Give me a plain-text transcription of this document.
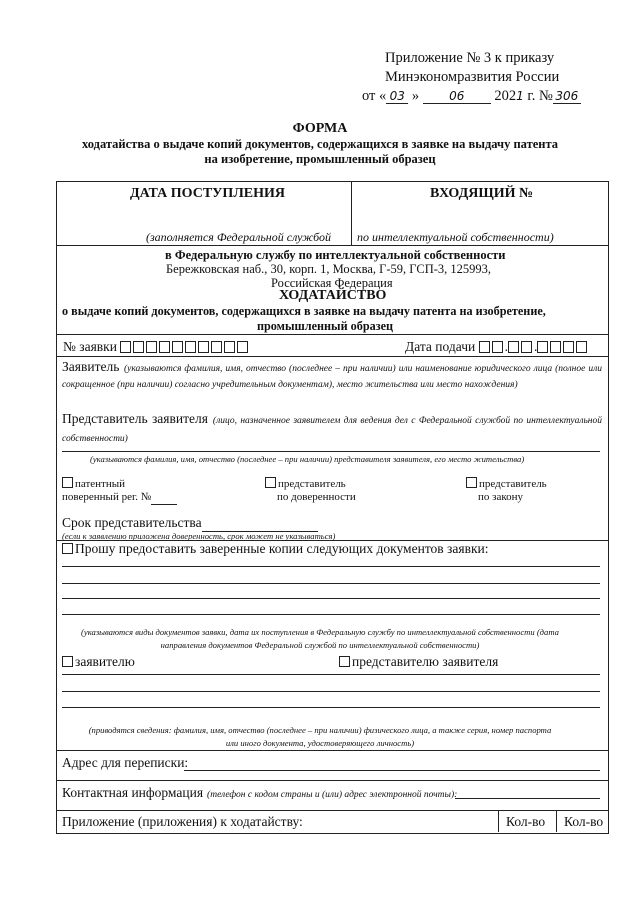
Приложение № 3 к приказу
Минэкономразвития России
от « 03 » 06 2021 г. № 306
ФОРМА
ходатайства о выдаче копий документов, содержащихся в заявке на выдачу патента
на изобретение, промышленный образец
ДАТА ПОСТУПЛЕНИЯ	ВХОДЯЩИЙ №
(заполняется Федеральной службой по интеллектуальной собственности)
в Федеральную службу по интеллектуальной собственности
Бережковская наб., 30, корп. 1, Москва, Г-59, ГСП-3, 125993,
Российская Федерация
ХОДАТАЙСТВО
о выдаче копий документов, содержащихся в заявке на выдачу патента на изобретение,
промышленный образец
№ заявки	Дата подачи . .
Заявитель (указываются фамилия, имя, отчество (последнее – при наличии) или наименование юридического лица (полное или сокращенное (при наличии) согласно учредительным документам), место жительства или место нахождения)
Представитель заявителя (лицо, назначенное заявителем для ведения дел с Федеральной службой по интеллектуальной собственности)
(указываются фамилия, имя, отчество (последнее – при наличии) представителя заявителя, его место жительства)
патентный
поверенный рег. №
представитель
по доверенности
представитель
по закону
Срок представительства
(если к заявлению приложена доверенность, срок может не указываться)
Прошу предоставить заверенные копии следующих документов заявки:
(указываются виды документов заявки, дата их поступления в Федеральную службу по интеллектуальной собственности (дата
направления документов Федеральной службой по интеллектуальной собственности)
заявителю	представителю заявителя
(приводятся сведения: фамилия, имя, отчество (последнее – при наличии) физического лица, а также серия, номер паспорта
или иного документа, удостоверяющего личность)
Адрес для переписки:
Контактная информация (телефон с кодом страны и (или) адрес электронной почты):
Приложение (приложения) к ходатайству:	Кол-во Кол-во
